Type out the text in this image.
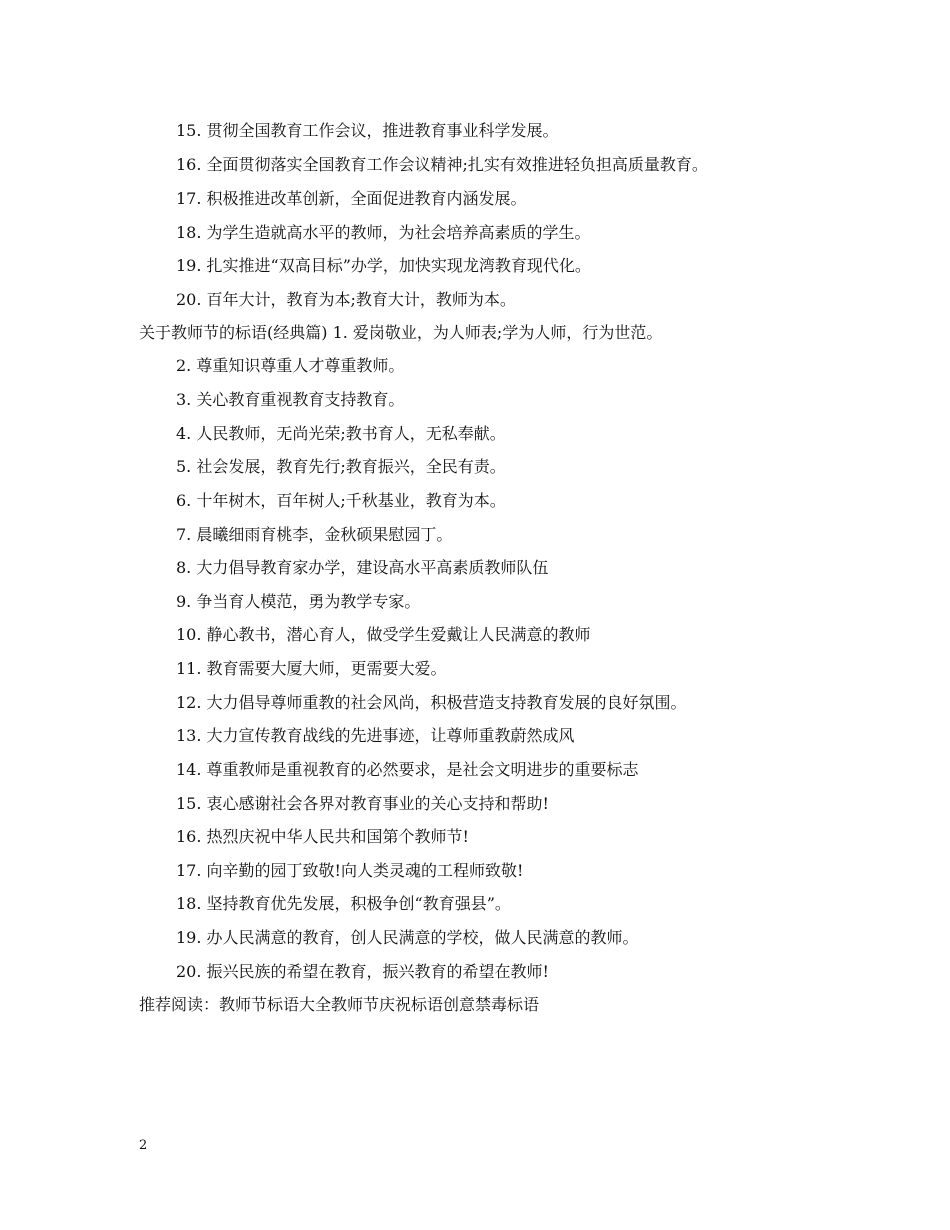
15. 贯彻全国教育工作会议，推进教育事业科学发展。
16. 全面贯彻落实全国教育工作会议精神;扎实有效推进轻负担高质量教育。
17. 积极推进改革创新，全面促进教育内涵发展。
18. 为学生造就高水平的教师，为社会培养高素质的学生。
19. 扎实推进“双高目标”办学，加快实现龙湾教育现代化。
20. 百年大计，教育为本;教育大计，教师为本。
关于教师节的标语(经典篇) 1. 爱岗敬业，为人师表;学为人师，行为世范。
2. 尊重知识尊重人才尊重教师。
3. 关心教育重视教育支持教育。
4. 人民教师，无尚光荣;教书育人，无私奉献。
5. 社会发展，教育先行;教育振兴，全民有责。
6. 十年树木，百年树人;千秋基业，教育为本。
7. 晨曦细雨育桃李，金秋硕果慰园丁。
8. 大力倡导教育家办学，建设高水平高素质教师队伍
9. 争当育人模范，勇为教学专家。
10. 静心教书，潜心育人，做受学生爱戴让人民满意的教师
11. 教育需要大厦大师，更需要大爱。
12. 大力倡导尊师重教的社会风尚，积极营造支持教育发展的良好氛围。
13. 大力宣传教育战线的先进事迹，让尊师重教蔚然成风
14. 尊重教师是重视教育的必然要求，是社会文明进步的重要标志
15. 衷心感谢社会各界对教育事业的关心支持和帮助!
16. 热烈庆祝中华人民共和国第个教师节!
17. 向辛勤的园丁致敬!向人类灵魂的工程师致敬!
18. 坚持教育优先发展，积极争创“教育强县”。
19. 办人民满意的教育，创人民满意的学校，做人民满意的教师。
20. 振兴民族的希望在教育，振兴教育的希望在教师!
推荐阅读：教师节标语大全教师节庆祝标语创意禁毒标语
2
